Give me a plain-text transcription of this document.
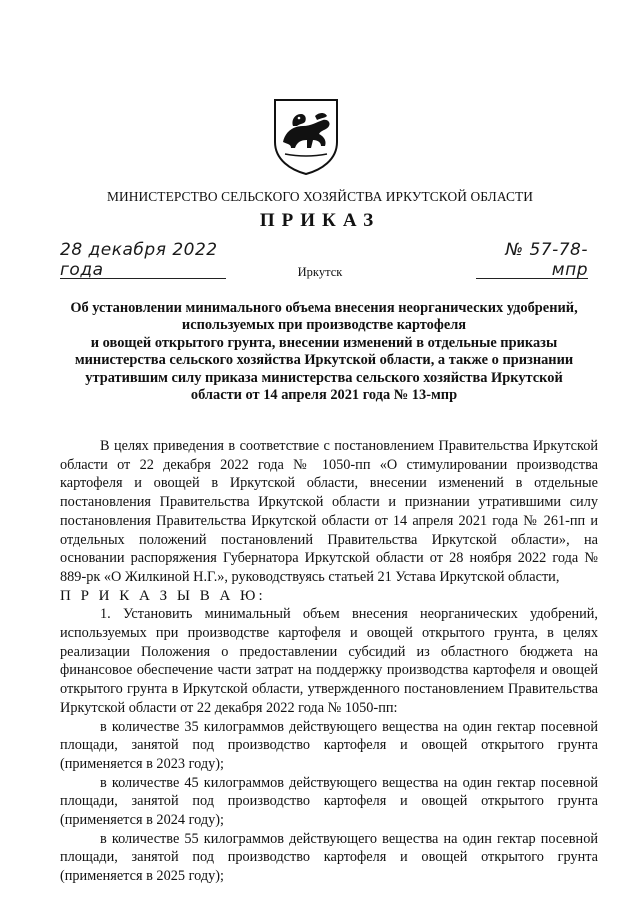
МИНИСТЕРСТВО СЕЛЬСКОГО ХОЗЯЙСТВА ИРКУТСКОЙ ОБЛАСТИ
ПРИКАЗ
28 декабря 2022 года
№ 57-78-мпр
Иркутск
Об установлении минимального объема внесения неорганических удобрений,
используемых при производстве картофеля
и овощей открытого грунта, внесении изменений в отдельные приказы
министерства сельского хозяйства Иркутской области, а также о признании
утратившим силу приказа министерства сельского хозяйства Иркутской
области от 14 апреля 2021 года № 13-мпр

В целях приведения в соответствие с постановлением Правительства Иркутской области от 22 декабря 2022 года № 1050-пп «О стимулировании производства картофеля и овощей в Иркутской области, внесении изменений в отдельные постановления Правительства Иркутской области и признании утратившими силу постановления Правительства Иркутской области от 14 апреля 2021 года № 261-пп и отдельных положений постановлений Правительства Иркутской области», на основании распоряжения Губернатора Иркутской области от 28 ноября 2022 года № 889-рк «О Жилкиной Н.Г.», руководствуясь статьей 21 Устава Иркутской области,

П Р И К А З Ы В А Ю:

1. Установить минимальный объем внесения неорганических удобрений, используемых при производстве картофеля и овощей открытого грунта, в целях реализации Положения о предоставлении субсидий из областного бюджета на финансовое обеспечение части затрат на поддержку производства картофеля и овощей открытого грунта в Иркутской области, утвержденного постановлением Правительства Иркутской области от 22 декабря 2022 года № 1050-пп:

в количестве 35 килограммов действующего вещества на один гектар посевной площади, занятой под производство картофеля и овощей открытого грунта (применяется в 2023 году);

в количестве 45 килограммов действующего вещества на один гектар посевной площади, занятой под производство картофеля и овощей открытого грунта (применяется в 2024 году);

в количестве 55 килограммов действующего вещества на один гектар посевной площади, занятой под производство картофеля и овощей открытого грунта (применяется в 2025 году);
